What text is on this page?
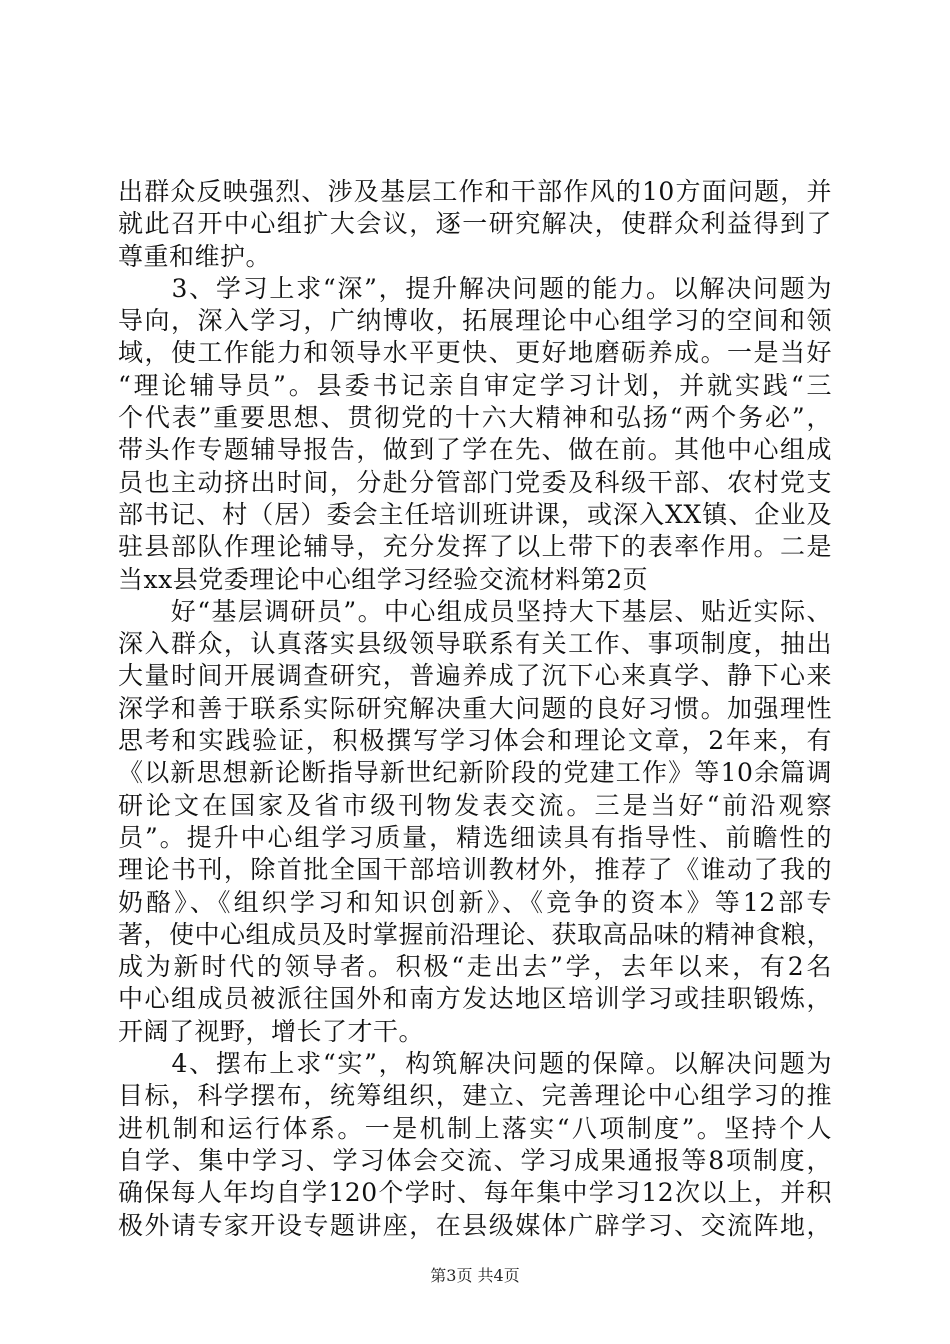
出群众反映强烈、涉及基层工作和干部作风的10方面问题，并
就此召开中心组扩大会议，逐一研究解决，使群众利益得到了
尊重和维护。
　　3、学习上求“深”，提升解决问题的能力。以解决问题为
导向，深入学习，广纳博收，拓展理论中心组学习的空间和领
域，使工作能力和领导水平更快、更好地磨砺养成。一是当好
“理论辅导员”。县委书记亲自审定学习计划，并就实践“三
个代表”重要思想、贯彻党的十六大精神和弘扬“两个务必”，
带头作专题辅导报告，做到了学在先、做在前。其他中心组成
员也主动挤出时间，分赴分管部门党委及科级干部、农村党支
部书记、村（居）委会主任培训班讲课，或深入XX镇、企业及
驻县部队作理论辅导，充分发挥了以上带下的表率作用。二是
当xx县党委理论中心组学习经验交流材料第2页
　　好“基层调研员”。中心组成员坚持大下基层、贴近实际、
深入群众，认真落实县级领导联系有关工作、事项制度，抽出
大量时间开展调查研究，普遍养成了沉下心来真学、静下心来
深学和善于联系实际研究解决重大问题的良好习惯。加强理性
思考和实践验证，积极撰写学习体会和理论文章，2年来，有
《以新思想新论断指导新世纪新阶段的党建工作》等10余篇调
研论文在国家及省市级刊物发表交流。三是当好“前沿观察
员”。提升中心组学习质量，精选细读具有指导性、前瞻性的
理论书刊，除首批全国干部培训教材外，推荐了《谁动了我的
奶酪》、《组织学习和知识创新》、《竞争的资本》等12部专
著，使中心组成员及时掌握前沿理论、获取高品味的精神食粮，
成为新时代的领导者。积极“走出去”学，去年以来，有2名
中心组成员被派往国外和南方发达地区培训学习或挂职锻炼，
开阔了视野，增长了才干。
　　4、摆布上求“实”，构筑解决问题的保障。以解决问题为
目标，科学摆布，统筹组织，建立、完善理论中心组学习的推
进机制和运行体系。一是机制上落实“八项制度”。坚持个人
自学、集中学习、学习体会交流、学习成果通报等8项制度，
确保每人年均自学120个学时、每年集中学习12次以上，并积
极外请专家开设专题讲座，在县级媒体广辟学习、交流阵地，
第3页 共4页
